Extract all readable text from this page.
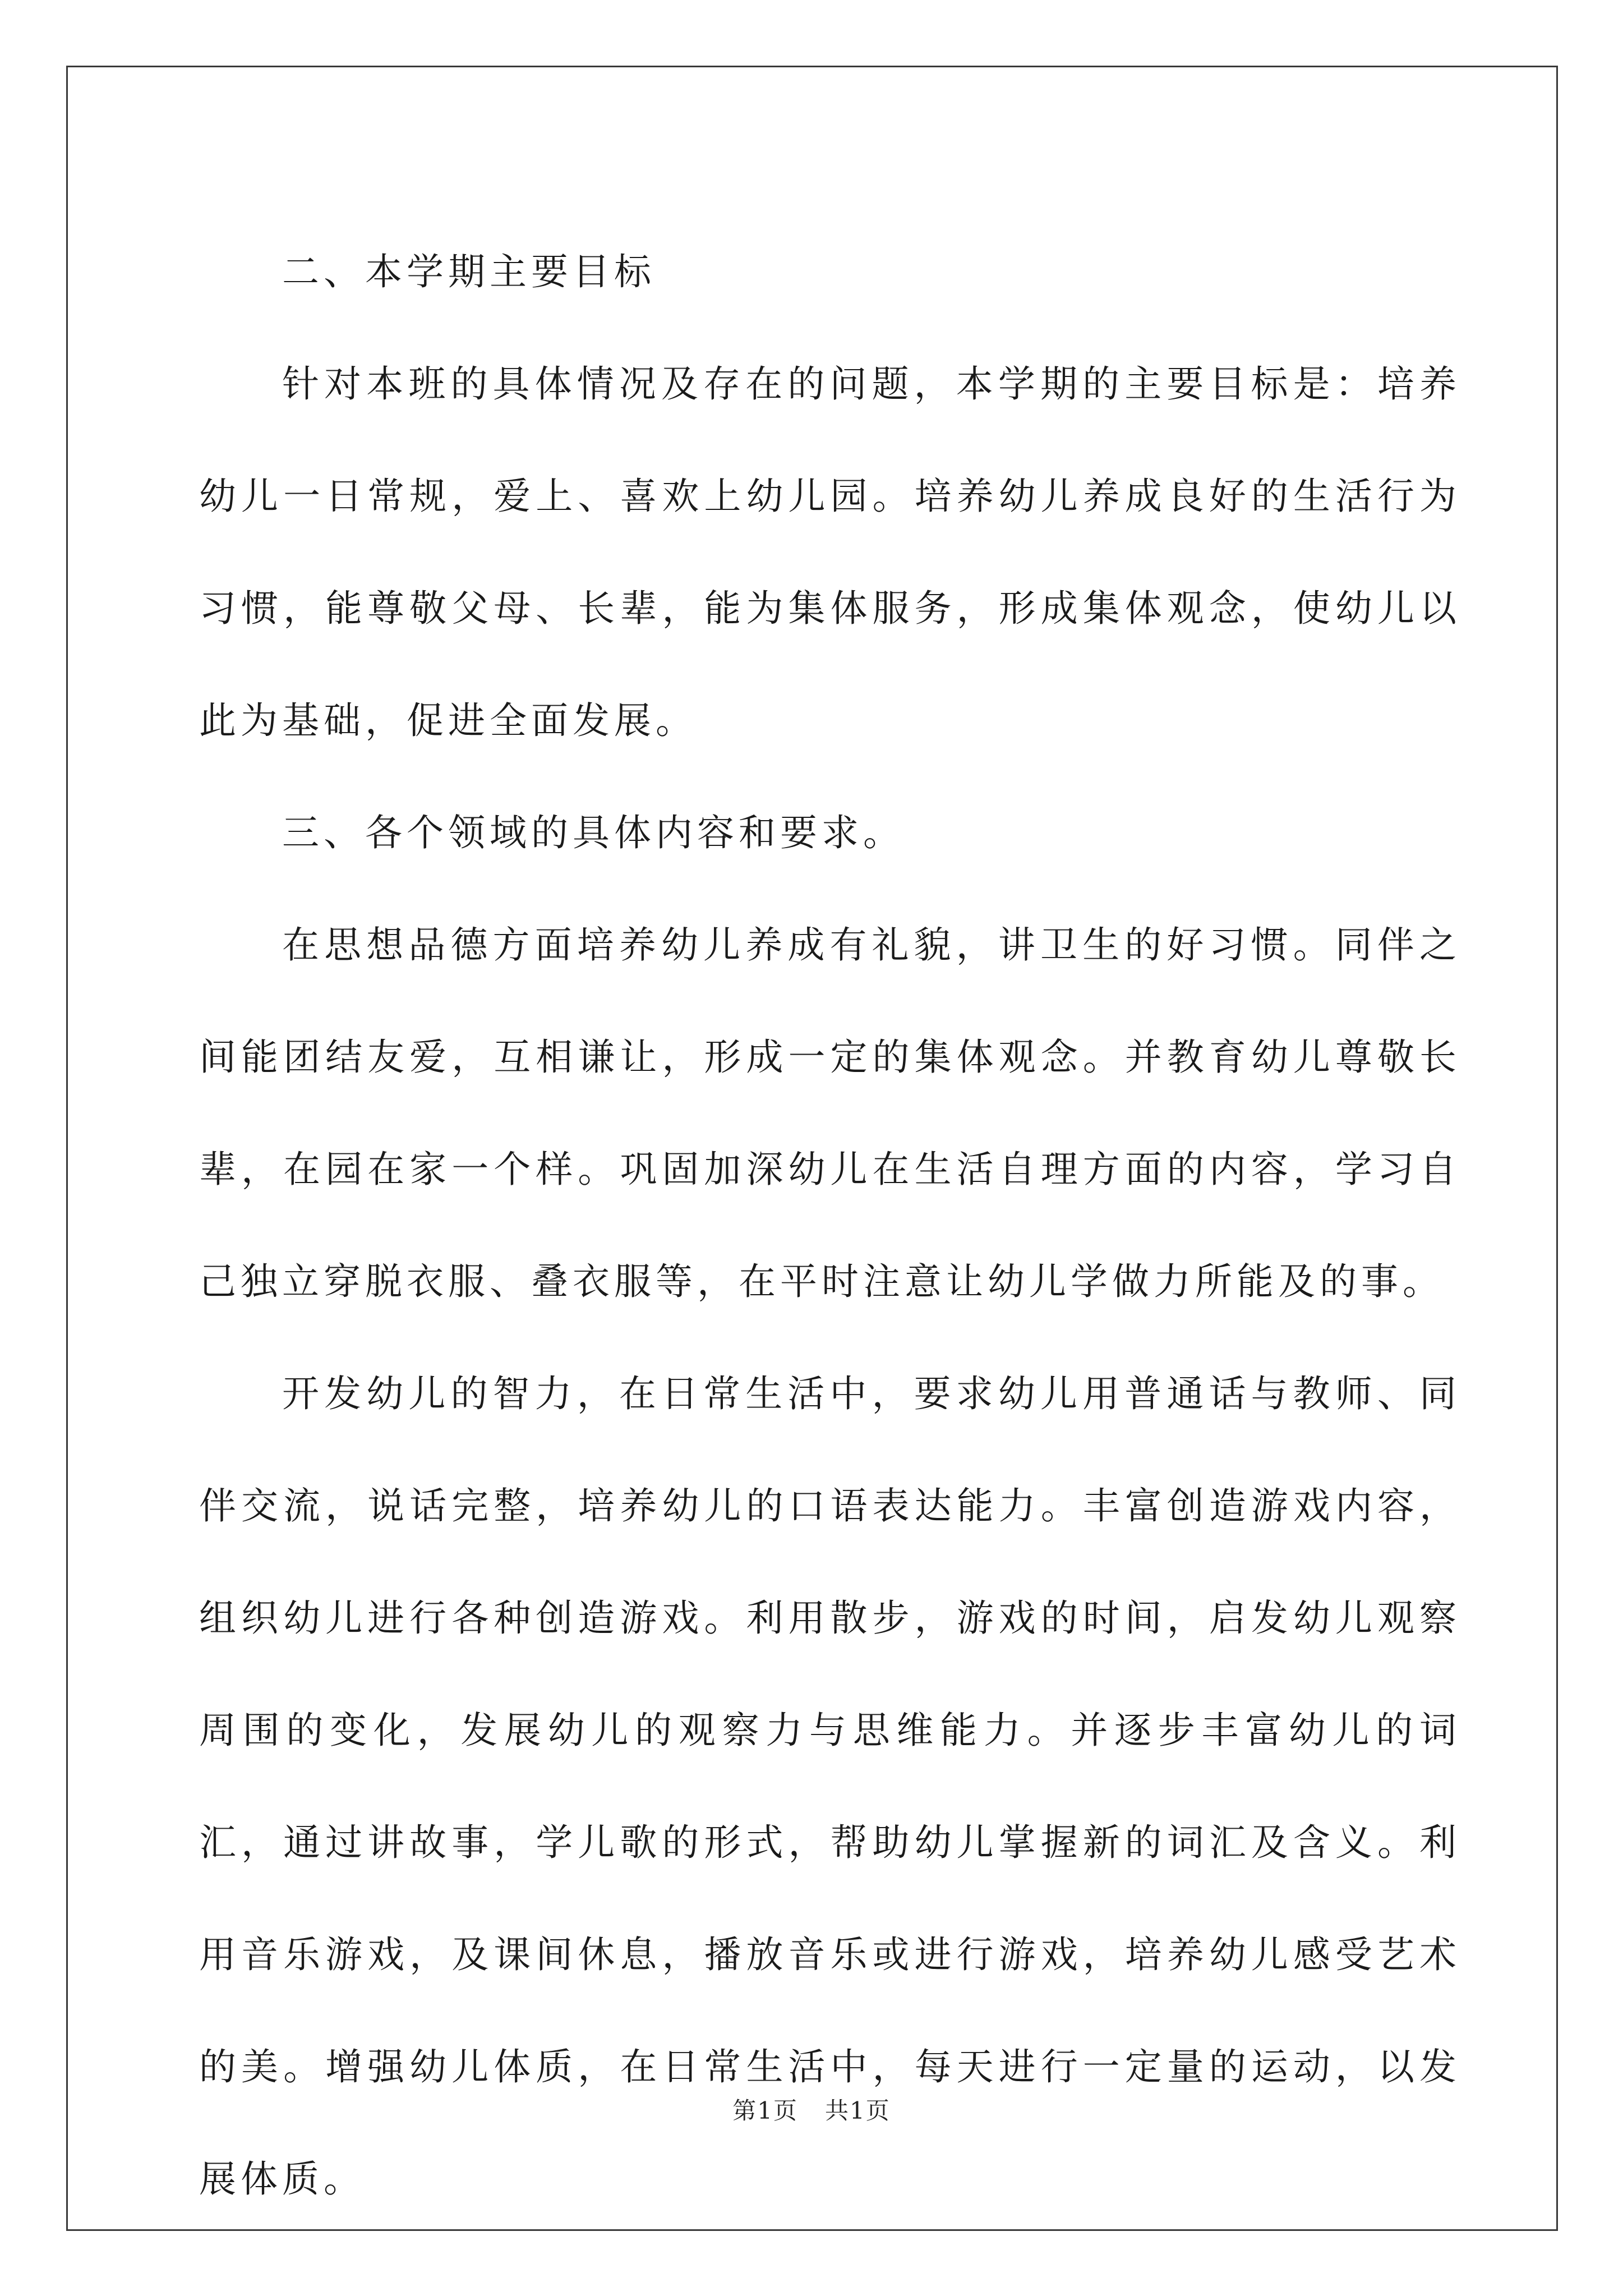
二、本学期主要目标

针对本班的具体情况及存在的问题，本学期的主要目标是：培养幼儿一日常规，爱上、喜欢上幼儿园。培养幼儿养成良好的生活行为习惯，能尊敬父母、长辈，能为集体服务，形成集体观念，使幼儿以此为基础，促进全面发展。

三、各个领域的具体内容和要求。

在思想品德方面培养幼儿养成有礼貌，讲卫生的好习惯。同伴之间能团结友爱，互相谦让，形成一定的集体观念。并教育幼儿尊敬长辈，在园在家一个样。巩固加深幼儿在生活自理方面的内容，学习自己独立穿脱衣服、叠衣服等，在平时注意让幼儿学做力所能及的事。

开发幼儿的智力，在日常生活中，要求幼儿用普通话与教师、同伴交流，说话完整，培养幼儿的口语表达能力。丰富创造游戏内容，组织幼儿进行各种创造游戏。利用散步，游戏的时间，启发幼儿观察周围的变化，发展幼儿的观察力与思维能力。并逐步丰富幼儿的词汇，通过讲故事，学儿歌的形式，帮助幼儿掌握新的词汇及含义。利用音乐游戏，及课间休息，播放音乐或进行游戏，培养幼儿感受艺术的美。增强幼儿体质，在日常生活中，每天进行一定量的运动，以发展体质。

第1页 共1页
